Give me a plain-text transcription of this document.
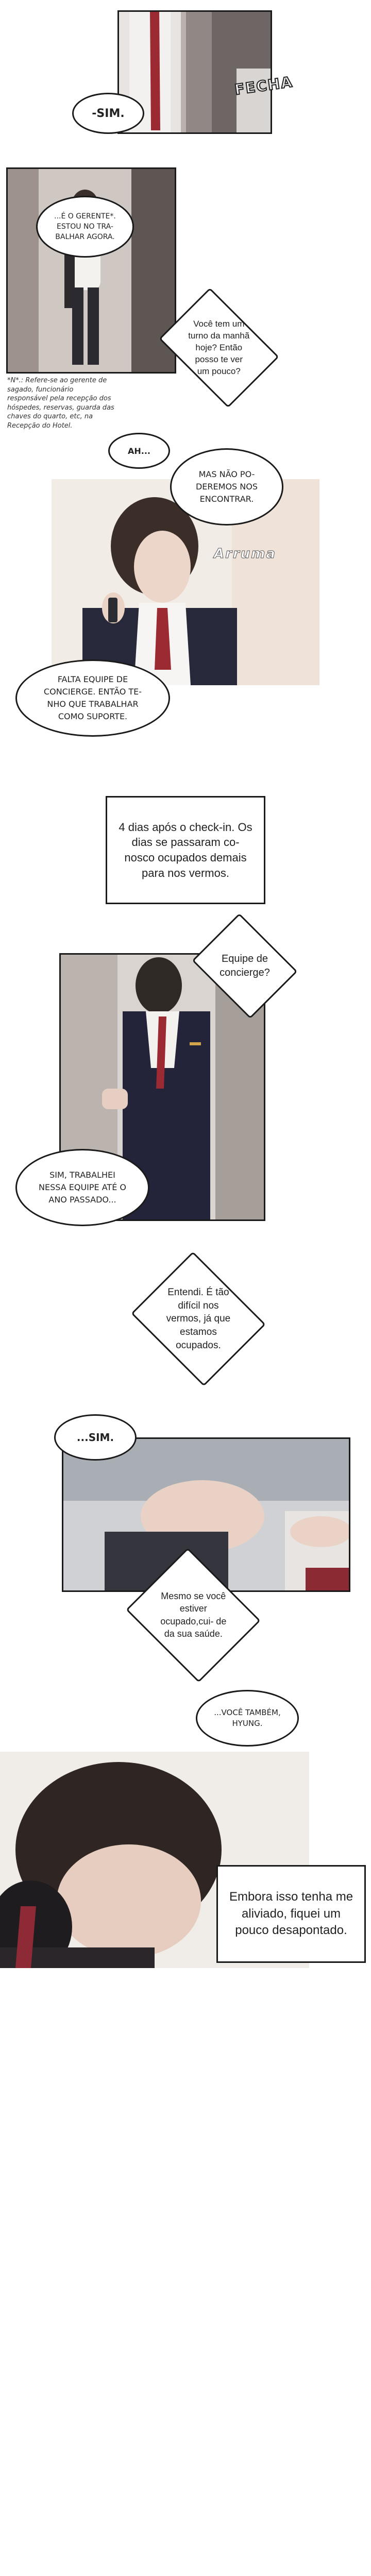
FECHA
-SIM.
...É O GERENTE*. ESTOU NO TRA- BALHAR AGORA.
Você tem um turno da manhã hoje? Então posso te ver um pouco?
*N*.: Refere-se ao gerente de sagado, funcionário responsável pela recepção dos hóspedes, reservas, guarda das chaves do quarto, etc, na Recepção do Hotel.
AH...
MAS NÃO PO- DEREMOS NOS ENCONTRAR.
Arruma
FALTA EQUIPE DE CONCIERGE. ENTÃO TE- NHO QUE TRABALHAR COMO SUPORTE.
4 dias após o check-in. Os dias se passaram co- nosco ocupados demais para nos vermos.
Equipe de concierge?
SIM, TRABALHEI NESSA EQUIPE ATÉ O ANO PASSADO...
Entendi. É tão difícil nos vermos, já que estamos ocupados.
...SIM.
Mesmo se você estiver ocupado,cui- de da sua saúde.
...VOCÊ TAMBÉM, HYUNG.
Embora isso tenha me aliviado, fiquei um pouco desapontado.
